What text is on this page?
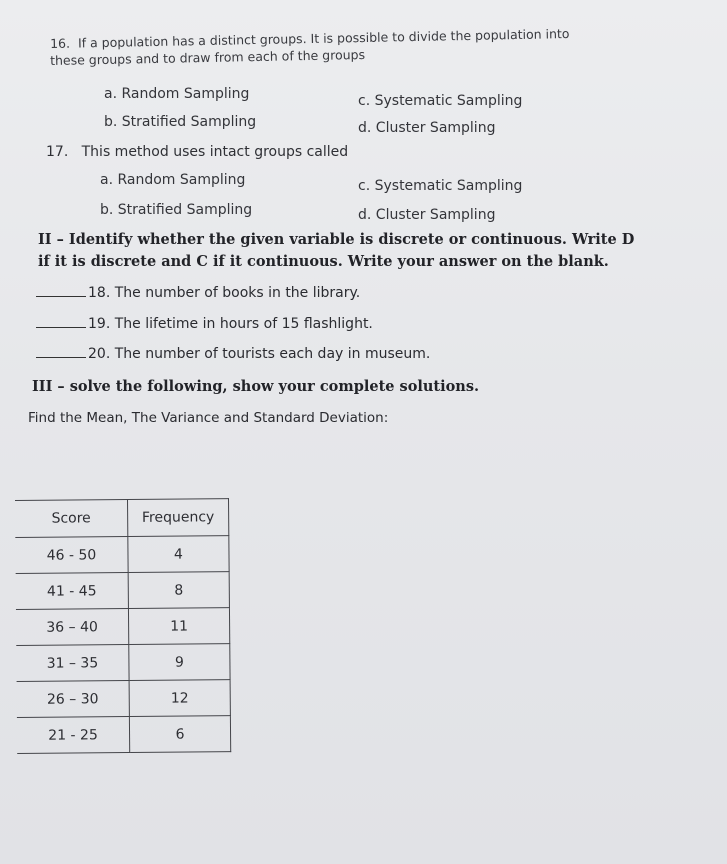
16. If a population has a distinct groups. It is possible to divide the population into
these groups and to draw from each of the groups
a. Random Sampling
b. Stratified Sampling
c. Systematic Sampling
d. Cluster Sampling
17. This method uses intact groups called
a. Random Sampling
b. Stratified Sampling
c. Systematic Sampling
d. Cluster Sampling
II – Identify whether the given variable is discrete or continuous. Write D
if it is discrete and C if it continuous. Write your answer on the blank.
18. The number of books in the library.
19. The lifetime in hours of 15 flashlight.
20. The number of tourists each day in museum.
III – solve the following, show your complete solutions.
Find the Mean, The Variance and Standard Deviation:
Score	Frequency
46 - 50	4
41 - 45	8
36 – 40	11
31 – 35	9
26 – 30	12
21 - 25	6
